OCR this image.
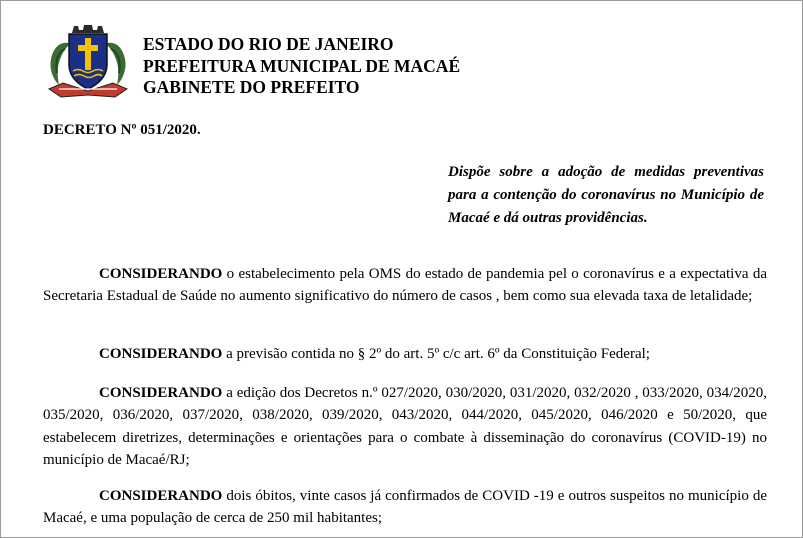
ESTADO DO RIO DE JANEIRO
PREFEITURA MUNICIPAL DE MACAÉ
GABINETE DO PREFEITO
DECRETO Nº 051/2020.
Dispõe sobre a adoção de medidas preventivas para a contenção do coronavírus no Município de Macaé e dá outras providências.
CONSIDERANDO o estabelecimento pela OMS do estado de pandemia pel o coronavírus e a expectativa da Secretaria Estadual de Saúde no aumento significativo do número de casos , bem como sua elevada taxa de letalidade;
CONSIDERANDO a previsão contida no § 2º do art. 5º c/c art. 6º da Constituição Federal;
CONSIDERANDO a edição dos Decretos n.º 027/2020, 030/2020, 031/2020, 032/2020 , 033/2020, 034/2020, 035/2020, 036/2020, 037/2020, 038/2020, 039/2020, 043/2020, 044/2020, 045/2020, 046/2020 e 50/2020, que estabelecem diretrizes, determinações e orientações para o combate à disseminação do coronavírus (COVID-19) no município de Macaé/RJ;
CONSIDERANDO dois óbitos, vinte casos já confirmados de COVID -19 e outros suspeitos no município de Macaé, e uma população de cerca de 250 mil habitantes;
